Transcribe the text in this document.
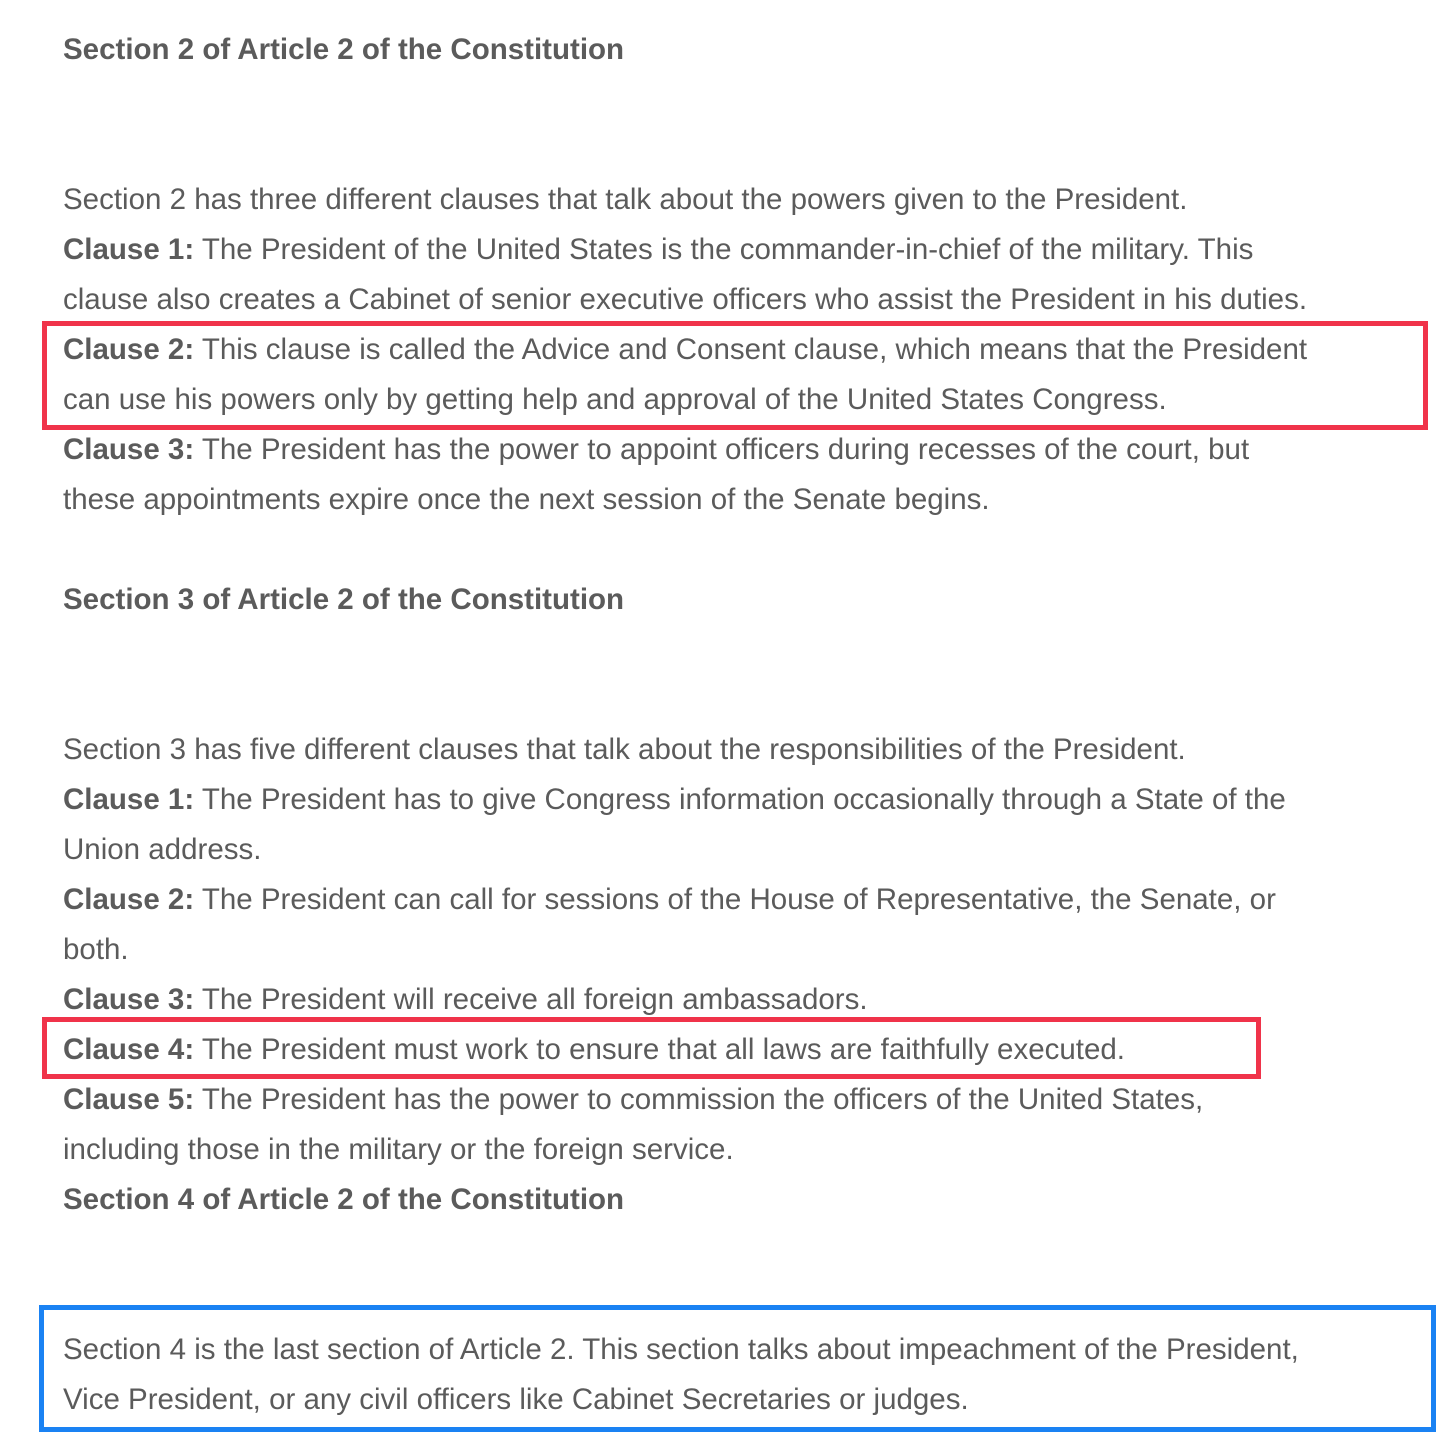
Section 2 of Article 2 of the Constitution
Section 2 has three different clauses that talk about the powers given to the President.
Clause 1: The President of the United States is the commander-in-chief of the military. This
clause also creates a Cabinet of senior executive officers who assist the President in his duties.
Clause 2: This clause is called the Advice and Consent clause, which means that the President
can use his powers only by getting help and approval of the United States Congress.
Clause 3: The President has the power to appoint officers during recesses of the court, but
these appointments expire once the next session of the Senate begins.
Section 3 of Article 2 of the Constitution
Section 3 has five different clauses that talk about the responsibilities of the President.
Clause 1: The President has to give Congress information occasionally through a State of the
Union address.
Clause 2: The President can call for sessions of the House of Representative, the Senate, or
both.
Clause 3: The President will receive all foreign ambassadors.
Clause 4: The President must work to ensure that all laws are faithfully executed.
Clause 5: The President has the power to commission the officers of the United States,
including those in the military or the foreign service.
Section 4 of Article 2 of the Constitution
Section 4 is the last section of Article 2. This section talks about impeachment of the President,
Vice President, or any civil officers like Cabinet Secretaries or judges.
